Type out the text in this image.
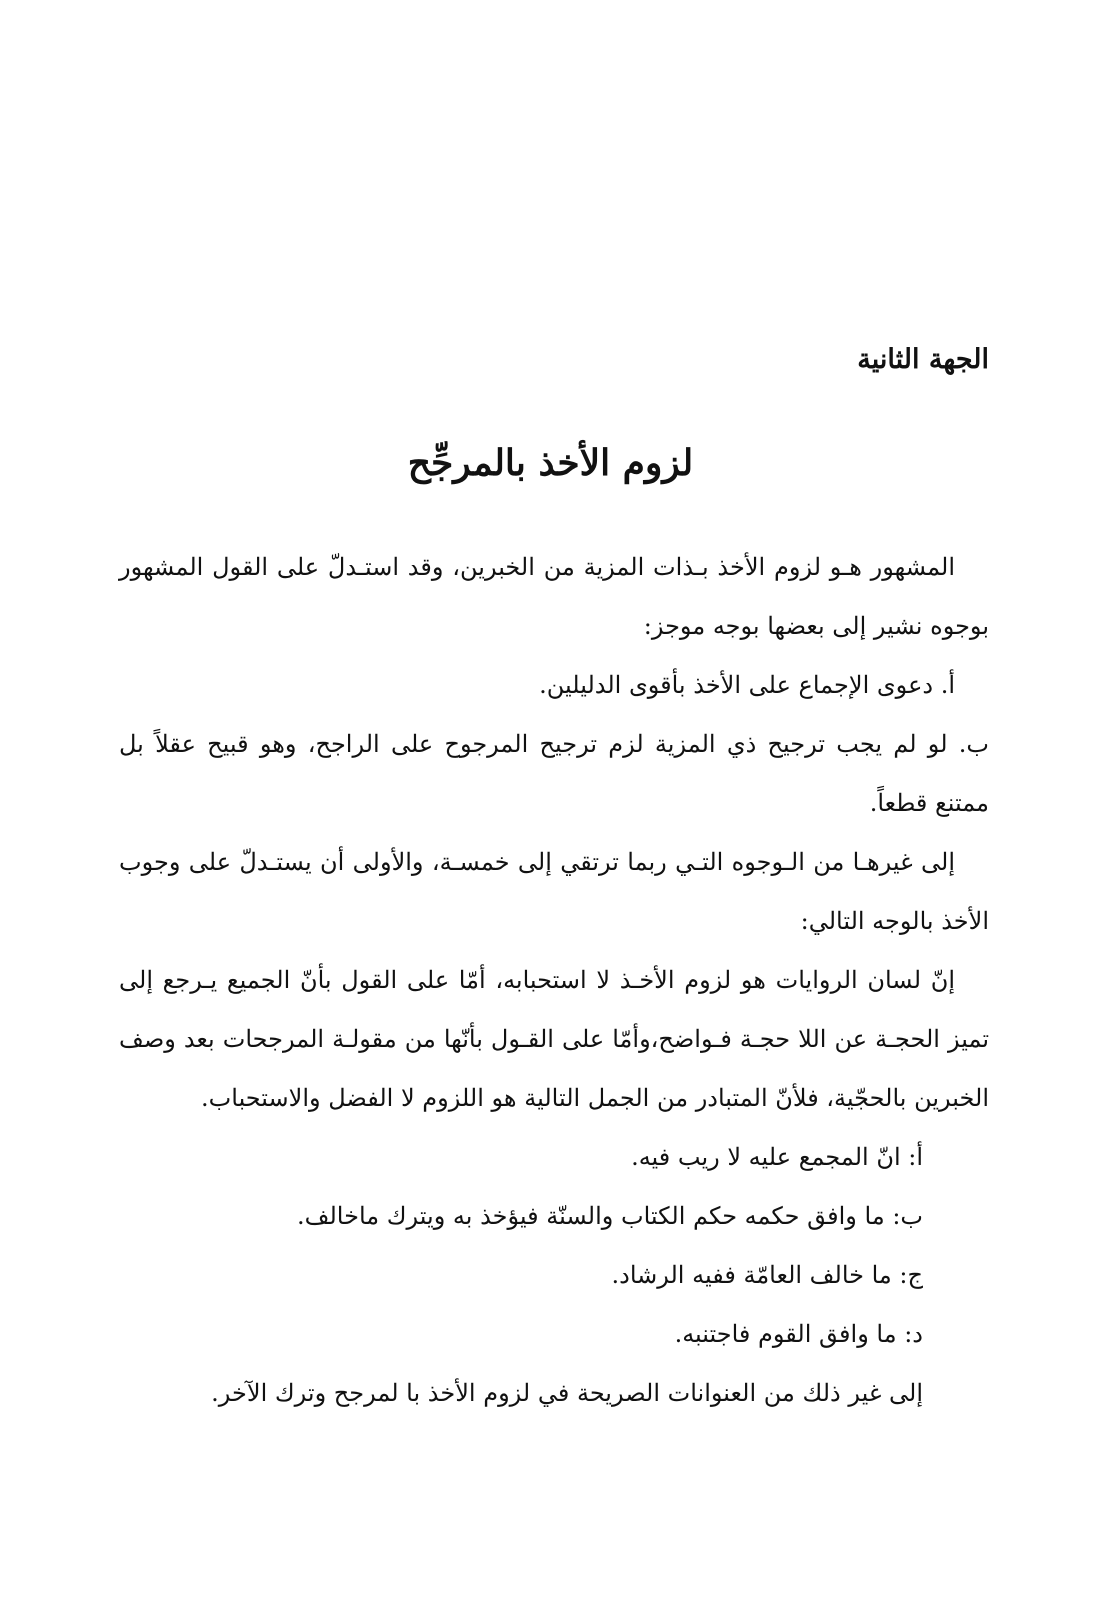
الجهة الثانية
لزوم الأخذ بالمرجِّح

المشهور هـو لزوم الأخذ بـذات المزية من الخبرين، وقد استـدلّ على القول المشهور بوجوه نشير إلى بعضها بوجه موجز:

أ. دعوى الإجماع على الأخذ بأقوى الدليلين.

ب. لو لم يجب ترجيح ذي المزية لزم ترجيح المرجوح على الراجح، وهو قبيح عقلاً بل ممتنع قطعاً.

إلى غيرهـا من الـوجوه التـي ربما ترتقي إلى خمسـة، والأولى أن يستـدلّ على وجوب الأخذ بالوجه التالي:

إنّ لسان الروايات هو لزوم الأخـذ لا استحبابه، أمّا على القول بأنّ الجميع يـرجع إلى تميز الحجـة عن اللا حجـة فـواضح،وأمّا على القـول بأنّها من مقولـة المرجحات بعد وصف الخبرين بالحجّية، فلأنّ المتبادر من الجمل التالية هو اللزوم لا الفضل والاستحباب.

أ: انّ المجمع عليه لا ريب فيه.

ب: ما وافق حكمه حكم الكتاب والسنّة فيؤخذ به ويترك ماخالف.

ج: ما خالف العامّة ففيه الرشاد.

د: ما وافق القوم فاجتنبه.

إلى غير ذلك من العنوانات الصريحة في لزوم الأخذ با لمرجح وترك الآخر.
